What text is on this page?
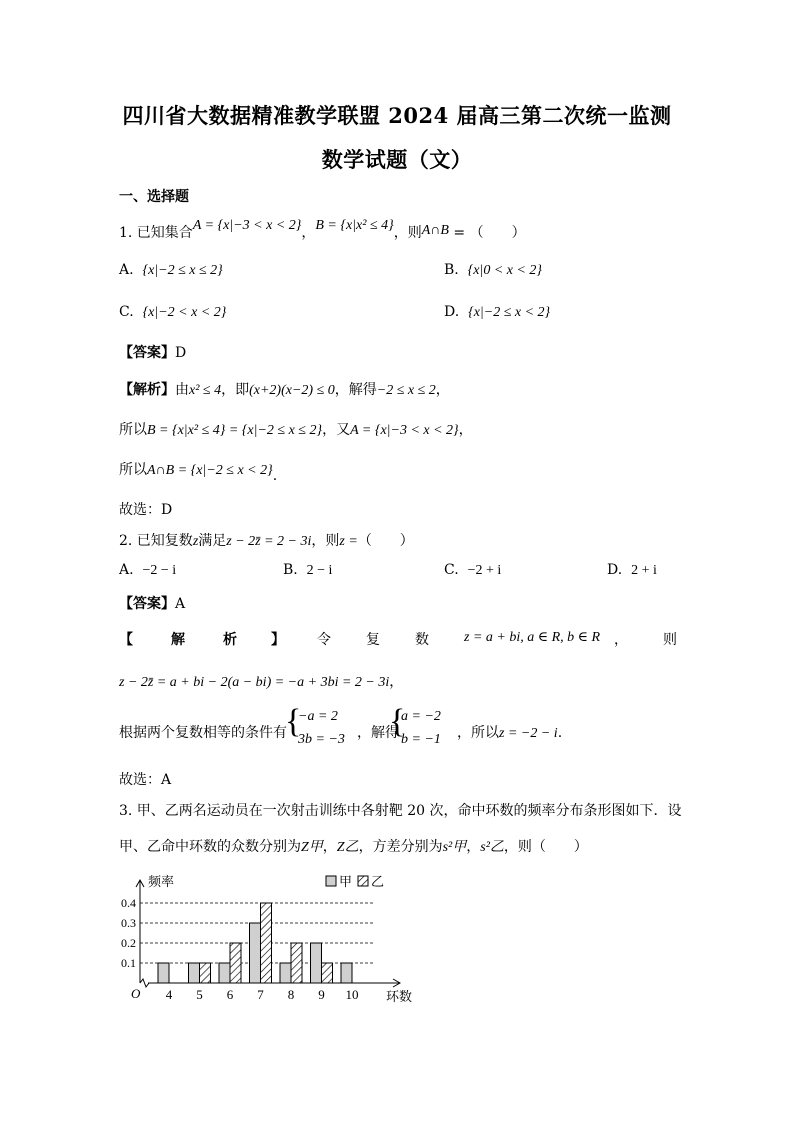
四川省大数据精准教学联盟 2024 届高三第二次统一监测
数学试题（文）
一、选择题
1. 已知集合A = {x|−3 < x < 2}，B = {x|x² ≤ 4}，则A∩B = （　　）
A. {x|−2 ≤ x ≤ 2}	B. {x|0 < x < 2}
C. {x|−2 < x < 2}	D. {x|−2 ≤ x < 2}
【答案】D
【解析】由x² ≤ 4，即(x+2)(x−2) ≤ 0，解得−2 ≤ x ≤ 2，
所以B = {x|x² ≤ 4} = {x|−2 ≤ x ≤ 2}，又A = {x|−3 < x < 2}，
所以A∩B = {x|−2 ≤ x < 2}.
故选：D
2. 已知复数z满足z − 2z̄ = 2 − 3i，则z =（　　）
A. −2 − i	B. 2 − i	C. −2 + i	D. 2 + i
【答案】A
【	解	析 】 令	复	数	z = a + bi, a ∈ R, b ∈ R ，　　　则
z − 2z̄ = a + bi − 2(a − bi) = −a + 3bi = 2 − 3i，
根据两个复数相等的条件有	，解得	，所以z = −2 − i.
{
−a = 2
3b = −3 {
a = −2
b = −1
故选：A
3. 甲、乙两名运动员在一次射击训练中各射靶 20 次，命中环数的频率分布条形图如下．设
甲、乙命中环数的众数分别为Z甲，Z乙，方差分别为s²甲，s²乙，则（　　）
0.1
0.2
0.3
0.4
频率
O	环数
4 5 6 7 8 9 10
甲 乙
